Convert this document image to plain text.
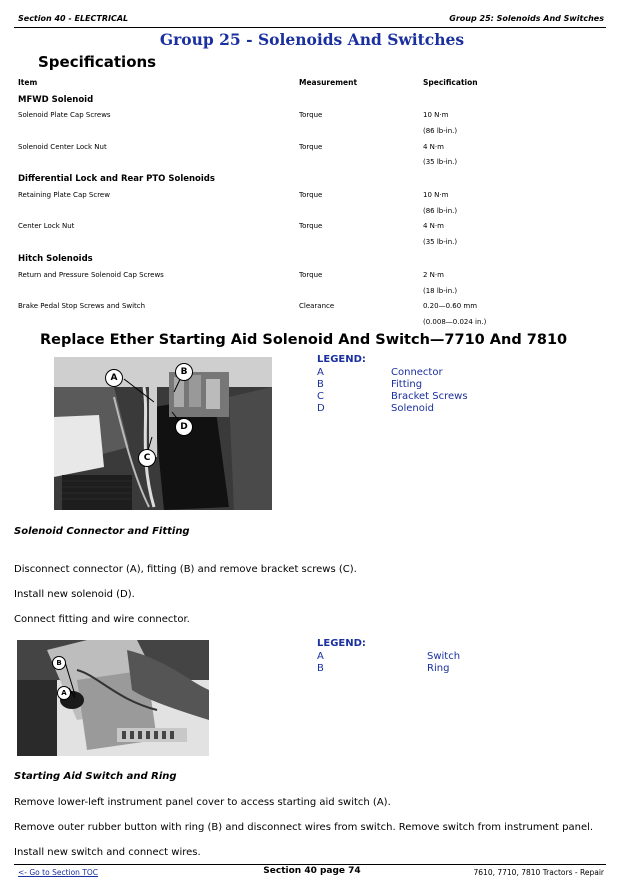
Section 40 - ELECTRICAL	Group 25: Solenoids And Switches
Group 25 - Solenoids And Switches
Specifications
Item	Measurement	Specification
MFWD Solenoid
Solenoid Plate Cap Screws	Torque	10 N·m
(86 lb-in.)
Solenoid Center Lock Nut	Torque	4 N·m
(35 lb-in.)
Differential Lock and Rear PTO Solenoids
Retaining Plate Cap Screw	Torque	10 N·m
(86 lb-in.)
Center Lock Nut	Torque	4 N·m
(35 lb-in.)
Hitch Solenoids
Return and Pressure Solenoid Cap Screws	Torque	2 N·m
(18 lb-in.)
Brake Pedal Stop Screws and Switch	Clearance	0.20—0.60 mm
(0.008—0.024 in.)
Replace Ether Starting Aid Solenoid And Switch—7710 And 7810
A
B
C
D
LEGEND:
A	Connector
B	Fitting
C	Bracket Screws
D	Solenoid
Solenoid Connector and Fitting
Disconnect connector (A), fitting (B) and remove bracket screws (C).
Install new solenoid (D).
Connect fitting and wire connector.
B
A
LEGEND:
A	Switch
B	Ring
Starting Aid Switch and Ring
Remove lower-left instrument panel cover to access starting aid switch (A).
Remove outer rubber button with ring (B) and disconnect wires from switch. Remove switch from instrument panel.
Install new switch and connect wires.
<- Go to Section TOC	Section 40 page 74	7610, 7710, 7810 Tractors - Repair
